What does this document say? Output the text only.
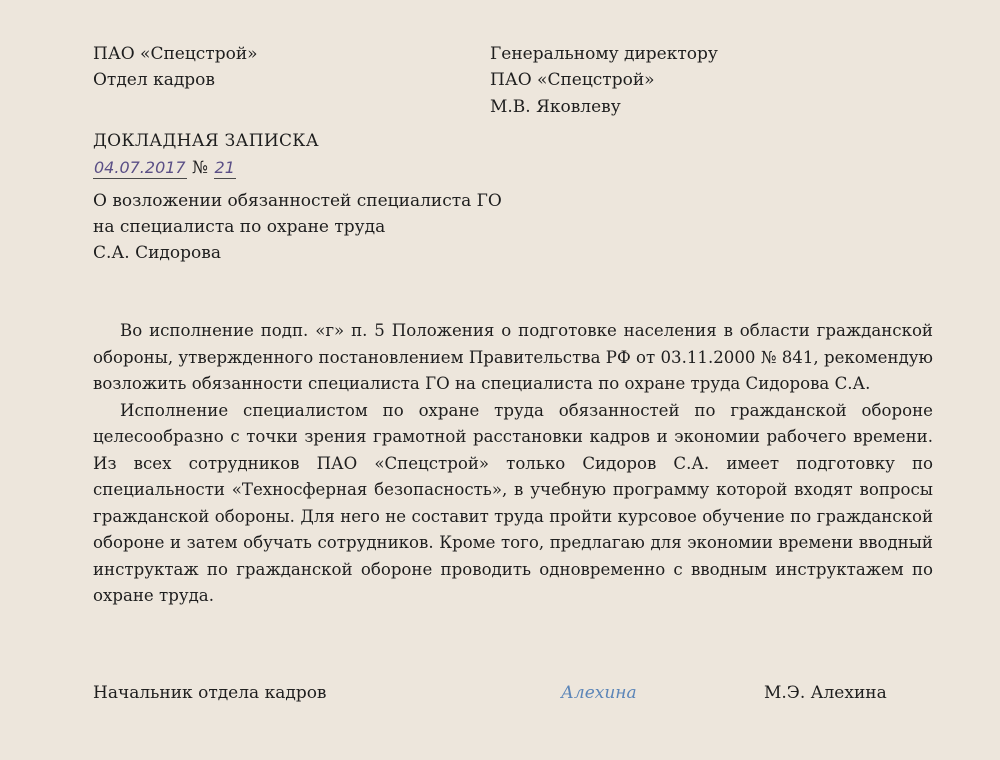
ПАО «Спецстрой»
Отдел кадров
Генеральному директору
ПАО «Спецстрой»
М.В. Яковлеву
ДОКЛАДНАЯ ЗАПИСКА
04.07.2017 № 21
О возложении обязанностей специалиста ГО
на специалиста по охране труда
С.А. Сидорова

Во исполнение подп. «г» п. 5 Положения о подготовке населения в области гражданской обороны, утвержденного постановлением Правительства РФ от 03.11.2000 № 841, рекомендую возложить обязанности специалиста ГО на специалиста по охране труда Сидорова С.А.

Исполнение специалистом по охране труда обязанностей по гражданской обороне целесообразно с точки зрения грамотной расстановки кадров и экономии рабочего времени. Из всех сотрудников ПАО «Спецстрой» только Сидоров С.А. имеет подготовку по специальности «Техносферная безопасность», в учебную программу которой входят вопросы гражданской обороны. Для него не составит труда пройти курсовое обучение по гражданской обороне и затем обучать сотрудников. Кроме того, предлагаю для экономии времени вводный инструктаж по гражданской обороне проводить одновременно с вводным инструктажем по охране труда.

Начальник отдела кадров	Алехина	М.Э. Алехина
